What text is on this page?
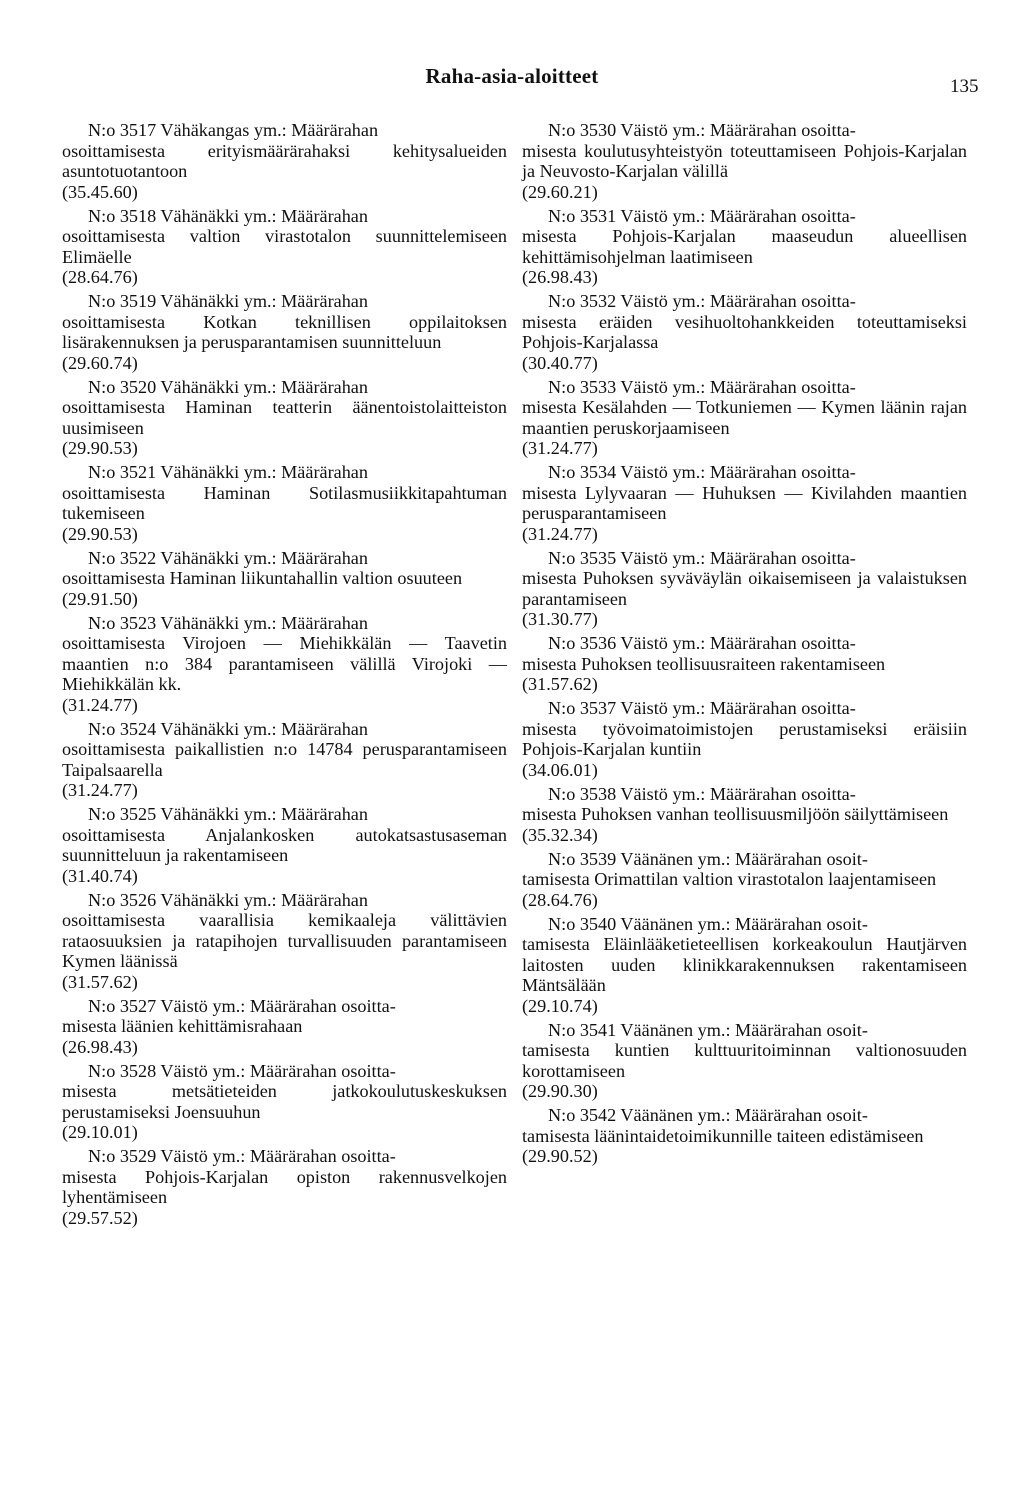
Raha-asia-aloitteet	135
N:o 3517 Vähäkangas ym.: Määrärahan
osoittamisesta erityismäärärahaksi kehitysalueiden asuntotuotantoon
(35.45.60)
N:o 3518 Vähänäkki ym.: Määrärahan
osoittamisesta valtion virastotalon suunnittelemiseen Elimäelle
(28.64.76)
N:o 3519 Vähänäkki ym.: Määrärahan
osoittamisesta Kotkan teknillisen oppilaitoksen lisärakennuksen ja perusparantamisen suunnitteluun
(29.60.74)
N:o 3520 Vähänäkki ym.: Määrärahan
osoittamisesta Haminan teatterin äänentoistolaitteiston uusimiseen
(29.90.53)
N:o 3521 Vähänäkki ym.: Määrärahan
osoittamisesta Haminan Sotilasmusiikkitapahtuman tukemiseen
(29.90.53)
N:o 3522 Vähänäkki ym.: Määrärahan
osoittamisesta Haminan liikuntahallin valtion osuuteen
(29.91.50)
N:o 3523 Vähänäkki ym.: Määrärahan
osoittamisesta Virojoen — Miehikkälän — Taavetin maantien n:o 384 parantamiseen välillä Virojoki — Miehikkälän kk.
(31.24.77)
N:o 3524 Vähänäkki ym.: Määrärahan
osoittamisesta paikallistien n:o 14784 perusparantamiseen Taipalsaarella
(31.24.77)
N:o 3525 Vähänäkki ym.: Määrärahan
osoittamisesta Anjalankosken autokatsastusaseman suunnitteluun ja rakentamiseen
(31.40.74)
N:o 3526 Vähänäkki ym.: Määrärahan
osoittamisesta vaarallisia kemikaaleja välittävien rataosuuksien ja ratapihojen turvallisuuden parantamiseen Kymen läänissä
(31.57.62)
N:o 3527 Väistö ym.: Määrärahan osoitta-
misesta läänien kehittämisrahaan
(26.98.43)
N:o 3528 Väistö ym.: Määrärahan osoitta-
misesta metsätieteiden jatkokoulutuskeskuksen perustamiseksi Joensuuhun
(29.10.01)
N:o 3529 Väistö ym.: Määrärahan osoitta-
misesta Pohjois-Karjalan opiston rakennusvelkojen lyhentämiseen
(29.57.52)
N:o 3530 Väistö ym.: Määrärahan osoitta-
misesta koulutusyhteistyön toteuttamiseen Pohjois-Karjalan ja Neuvosto-Karjalan välillä
(29.60.21)
N:o 3531 Väistö ym.: Määrärahan osoitta-
misesta Pohjois-Karjalan maaseudun alueellisen kehittämisohjelman laatimiseen
(26.98.43)
N:o 3532 Väistö ym.: Määrärahan osoitta-
misesta eräiden vesihuoltohankkeiden toteuttamiseksi Pohjois-Karjalassa
(30.40.77)
N:o 3533 Väistö ym.: Määrärahan osoitta-
misesta Kesälahden — Totkuniemen — Kymen läänin rajan maantien peruskorjaamiseen
(31.24.77)
N:o 3534 Väistö ym.: Määrärahan osoitta-
misesta Lylyvaaran — Huhuksen — Kivilahden maantien perusparantamiseen
(31.24.77)
N:o 3535 Väistö ym.: Määrärahan osoitta-
misesta Puhoksen syväväylän oikaisemiseen ja valaistuksen parantamiseen
(31.30.77)
N:o 3536 Väistö ym.: Määrärahan osoitta-
misesta Puhoksen teollisuusraiteen rakentamiseen
(31.57.62)
N:o 3537 Väistö ym.: Määrärahan osoitta-
misesta työvoimatoimistojen perustamiseksi eräisiin Pohjois-Karjalan kuntiin
(34.06.01)
N:o 3538 Väistö ym.: Määrärahan osoitta-
misesta Puhoksen vanhan teollisuusmiljöön säilyttämiseen
(35.32.34)
N:o 3539 Väänänen ym.: Määrärahan osoit-
tamisesta Orimattilan valtion virastotalon laajentamiseen
(28.64.76)
N:o 3540 Väänänen ym.: Määrärahan osoit-
tamisesta Eläinlääketieteellisen korkeakoulun Hautjärven laitosten uuden klinikkarakennuksen rakentamiseen Mäntsälään
(29.10.74)
N:o 3541 Väänänen ym.: Määrärahan osoit-
tamisesta kuntien kulttuuritoiminnan valtionosuuden korottamiseen
(29.90.30)
N:o 3542 Väänänen ym.: Määrärahan osoit-
tamisesta läänintaidetoimikunnille taiteen edistämiseen
(29.90.52)
